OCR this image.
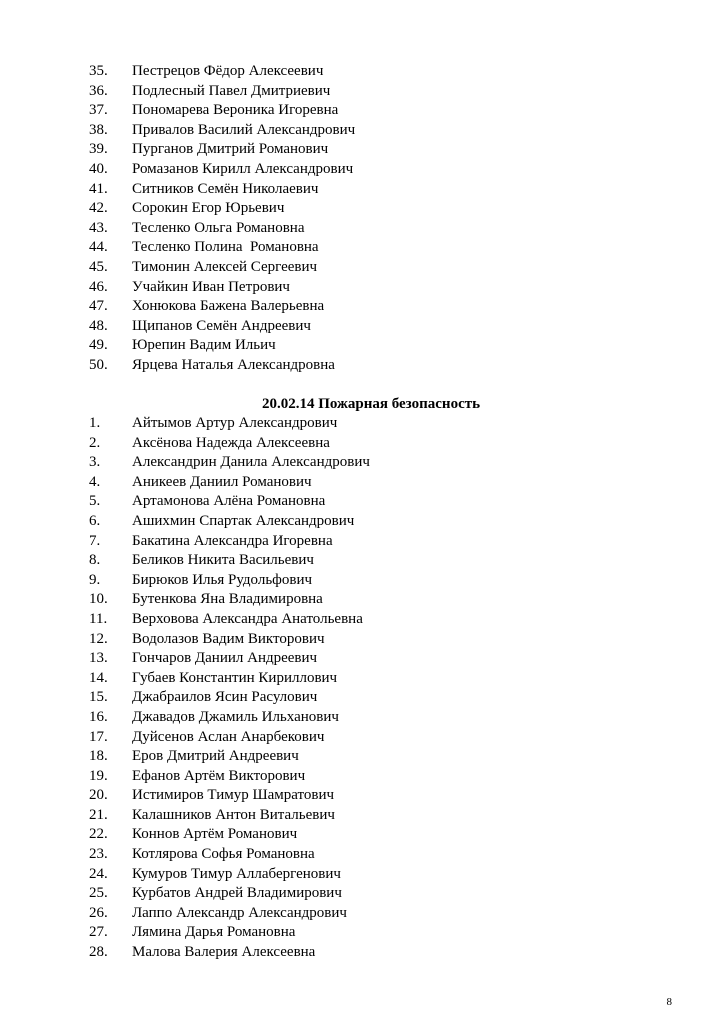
35.	Пестрецов Фёдор Алексеевич
36.	Подлесный Павел Дмитриевич
37.	Пономарева Вероника Игоревна
38.	Привалов Василий Александрович
39.	Пурганов Дмитрий Романович
40.	Ромазанов Кирилл Александрович
41.	Ситников Семён Николаевич
42.	Сорокин Егор Юрьевич
43.	Тесленко Ольга Романовна
44.	Тесленко Полина  Романовна
45.	Тимонин Алексей Сергеевич
46.	Учайкин Иван Петрович
47.	Хонюкова Бажена Валерьевна
48.	Щипанов Семён Андреевич
49.	Юрепин Вадим Ильич
50.	Ярцева Наталья Александровна
20.02.14 Пожарная безопасность
1.	Айтымов Артур Александрович
2.	Аксёнова Надежда Алексеевна
3.	Александрин Данила Александрович
4.	Аникеев Даниил Романович
5.	Артамонова Алёна Романовна
6.	Ашихмин Спартак Александрович
7.	Бакатина Александра Игоревна
8.	Беликов Никита Васильевич
9.	Бирюков Илья Рудольфович
10.	Бутенкова Яна Владимировна
11.	Верховова Александра Анатольевна
12.	Водолазов Вадим Викторович
13.	Гончаров Даниил Андреевич
14.	Губаев Константин Кириллович
15.	Джабраилов Ясин Расулович
16.	Джавадов Джамиль Ильханович
17.	Дуйсенов Аслан Анарбекович
18.	Еров Дмитрий Андреевич
19.	Ефанов Артём Викторович
20.	Истимиров Тимур Шамратович
21.	Калашников Антон Витальевич
22.	Коннов Артём Романович
23.	Котлярова Софья Романовна
24.	Кумуров Тимур Аллабергенович
25.	Курбатов Андрей Владимирович
26.	Лаппо Александр Александрович
27.	Лямина Дарья Романовна
28.	Малова Валерия Алексеевна
8
